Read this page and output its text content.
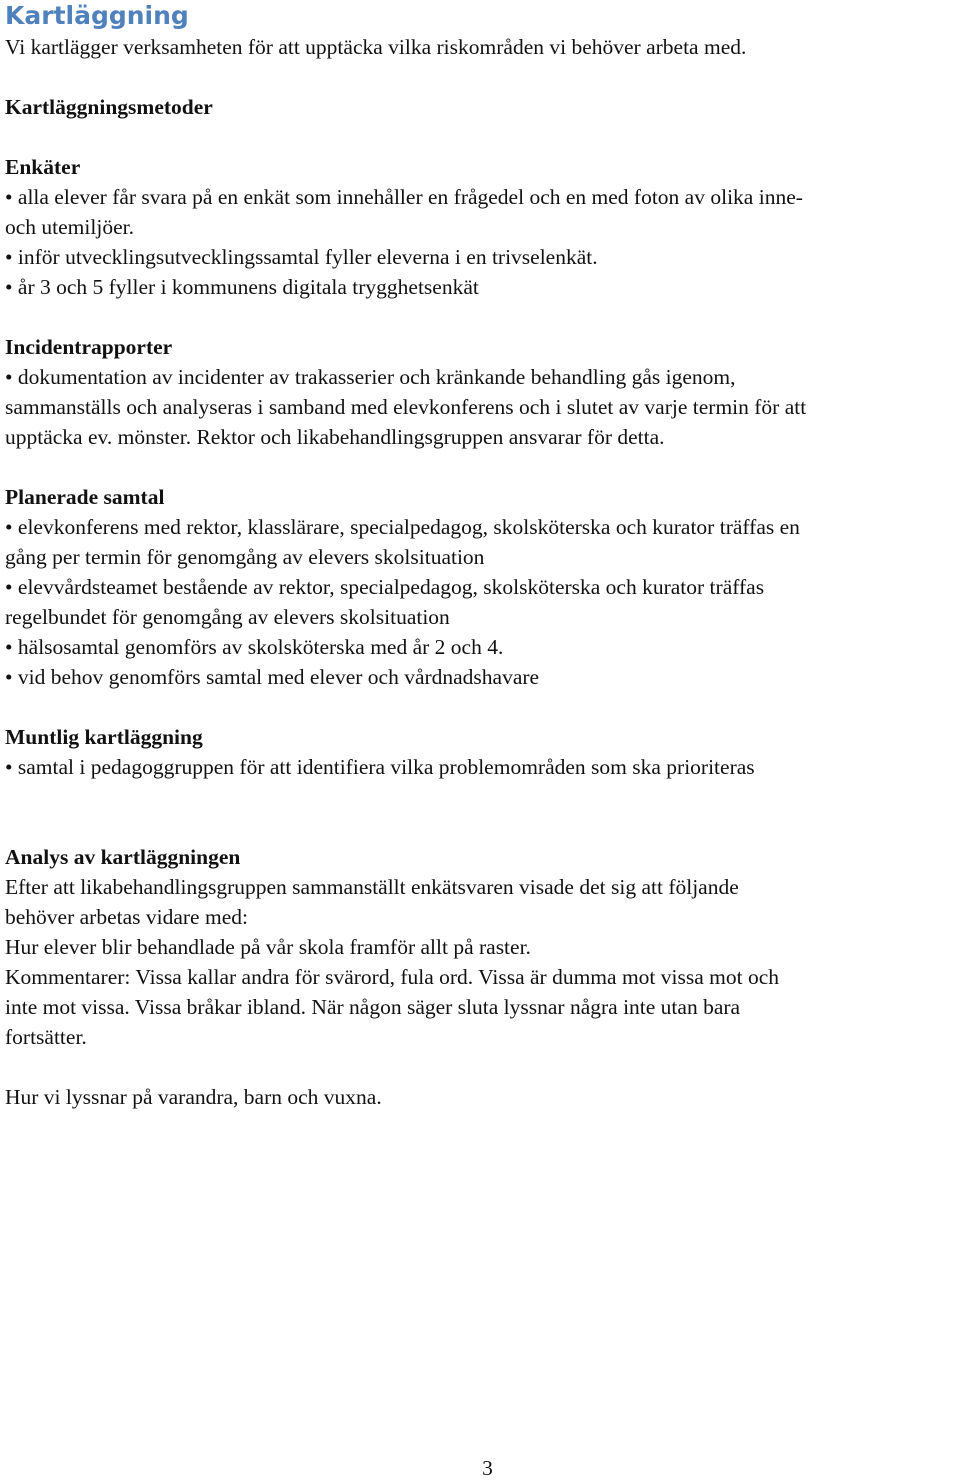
Kartläggning

Vi kartlägger verksamheten för att upptäcka vilka riskområden vi behöver arbeta med.

Kartläggningsmetoder

Enkäter

• alla elever får svara på en enkät som innehåller en frågedel och en med foton av olika inne-

och utemiljöer.

• inför utvecklingsutvecklingssamtal fyller eleverna i en trivselenkät.

• år 3 och 5 fyller i kommunens digitala trygghetsenkät

Incidentrapporter

• dokumentation av incidenter av trakasserier och kränkande behandling gås igenom,

sammanställs och analyseras i samband med elevkonferens och i slutet av varje termin för att

upptäcka ev. mönster. Rektor och likabehandlingsgruppen ansvarar för detta.

Planerade samtal

• elevkonferens med rektor, klasslärare, specialpedagog, skolsköterska och kurator träffas en

gång per termin för genomgång av elevers skolsituation

• elevvårdsteamet bestående av rektor, specialpedagog, skolsköterska och kurator träffas

regelbundet för genomgång av elevers skolsituation

• hälsosamtal genomförs av skolsköterska med år 2 och 4.

• vid behov genomförs samtal med elever och vårdnadshavare

Muntlig kartläggning

• samtal i pedagoggruppen för att identifiera vilka problemområden som ska prioriteras

Analys av kartläggningen

Efter att likabehandlingsgruppen sammanställt enkätsvaren visade det sig att följande

behöver arbetas vidare med:

Hur elever blir behandlade på vår skola framför allt på raster.

Kommentarer: Vissa kallar andra för svärord, fula ord. Vissa är dumma mot vissa mot och

inte mot vissa. Vissa bråkar ibland. När någon säger sluta lyssnar några inte utan bara

fortsätter.

Hur vi lyssnar på varandra, barn och vuxna.

3
